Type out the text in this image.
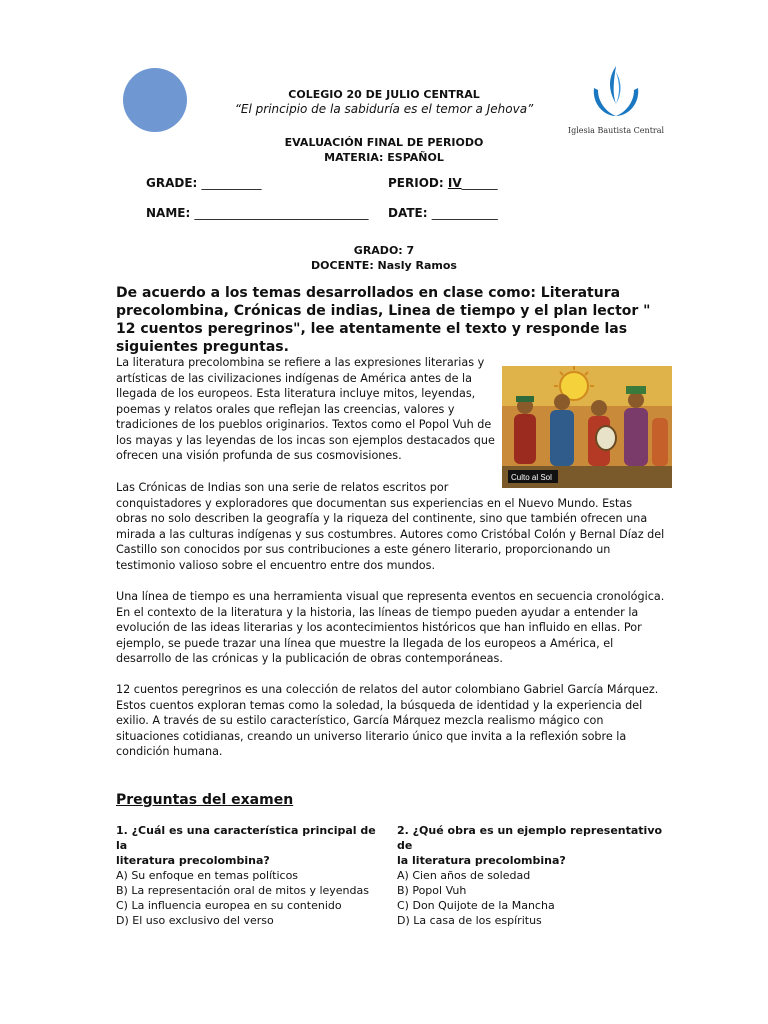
Iglesia Bautista Central
COLEGIO 20 DE JULIO CENTRAL
“El principio de la sabiduría es el temor a Jehova”
EVALUACIÓN FINAL DE PERIODO
MATERIA: ESPAÑOL
GRADE: __________	PERIOD: IV______
NAME: _____________________________ DATE: ___________
GRADO: 7
DOCENTE: Nasly Ramos
De acuerdo a los temas desarrollados en clase como: Literatura precolombina, Crónicas de indias, Linea de tiempo y el plan lector " 12 cuentos peregrinos", lee atentamente el texto y responde las siguientes preguntas.
La literatura precolombina se refiere a las expresiones literarias y
artísticas de las civilizaciones indígenas de América antes de la
llegada de los europeos. Esta literatura incluye mitos, leyendas,
poemas y relatos orales que reflejan las creencias, valores y
tradiciones de los pueblos originarios. Textos como el Popol Vuh de
los mayas y las leyendas de los incas son ejemplos destacados que
ofrecen una visión profunda de sus cosmovisiones.
Culto al Sol
Las Crónicas de Indias son una serie de relatos escritos por
conquistadores y exploradores que documentan sus experiencias en el Nuevo Mundo. Estas
obras no solo describen la geografía y la riqueza del continente, sino que también ofrecen una
mirada a las culturas indígenas y sus costumbres. Autores como Cristóbal Colón y Bernal Díaz del
Castillo son conocidos por sus contribuciones a este género literario, proporcionando un
testimonio valioso sobre el encuentro entre dos mundos.
Una línea de tiempo es una herramienta visual que representa eventos en secuencia cronológica.
En el contexto de la literatura y la historia, las líneas de tiempo pueden ayudar a entender la
evolución de las ideas literarias y los acontecimientos históricos que han influido en ellas. Por
ejemplo, se puede trazar una línea que muestre la llegada de los europeos a América, el
desarrollo de las crónicas y la publicación de obras contemporáneas.
12 cuentos peregrinos es una colección de relatos del autor colombiano Gabriel García Márquez.
Estos cuentos exploran temas como la soledad, la búsqueda de identidad y la experiencia del
exilio. A través de su estilo característico, García Márquez mezcla realismo mágico con
situaciones cotidianas, creando un universo literario único que invita a la reflexión sobre la
condición humana.
Preguntas del examen
1. ¿Cuál es una característica principal de la
literatura precolombina?
A) Su enfoque en temas políticos
B) La representación oral de mitos y leyendas
C) La influencia europea en su contenido
D) El uso exclusivo del verso
2. ¿Qué obra es un ejemplo representativo de
la literatura precolombina?
A) Cien años de soledad
B) Popol Vuh
C) Don Quijote de la Mancha
D) La casa de los espíritus
